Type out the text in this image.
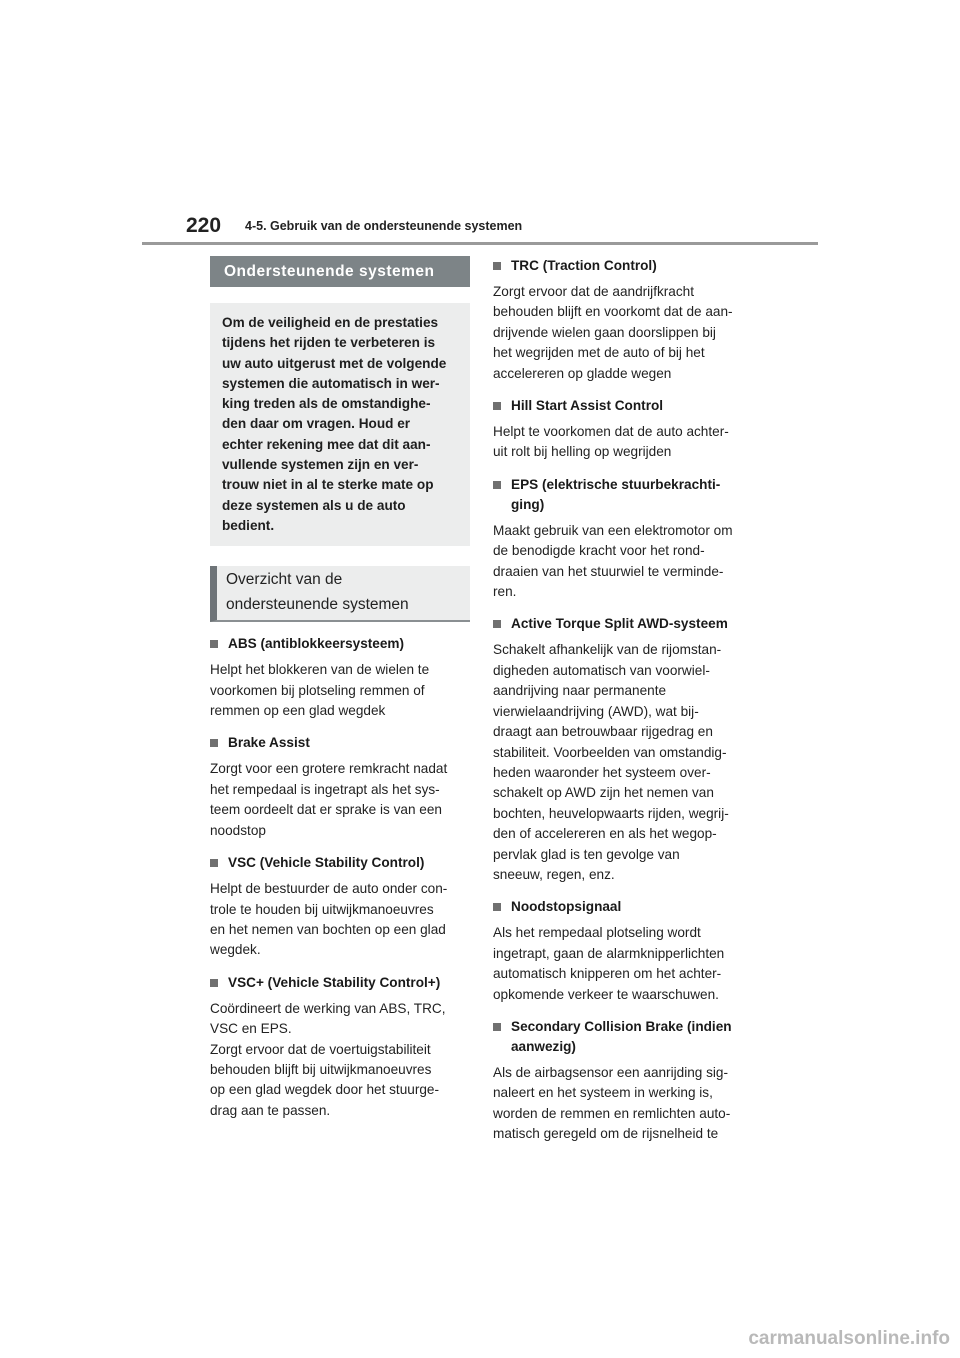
220 4-5. Gebruik van de ondersteunende systemen
Ondersteunende systemen

Om de veiligheid en de prestaties
tijdens het rijden te verbeteren is
uw auto uitgerust met de volgende
systemen die automatisch in wer-
king treden als de omstandighe-
den daar om vragen. Houd er
echter rekening mee dat dit aan-
vullende systemen zijn en ver-
trouw niet in al te sterke mate op
deze systemen als u de auto
bedient.

Overzicht van de
ondersteunende systemen
ABS (antiblokkeersysteem)
Helpt het blokkeren van de wielen te
voorkomen bij plotseling remmen of
remmen op een glad wegdek
Brake Assist
Zorgt voor een grotere remkracht nadat
het rempedaal is ingetrapt als het sys-
teem oordeelt dat er sprake is van een
noodstop
VSC (Vehicle Stability Control)
Helpt de bestuurder de auto onder con-
trole te houden bij uitwijkmanoeuvres
en het nemen van bochten op een glad
wegdek.
VSC+ (Vehicle Stability Control+)
Coördineert de werking van ABS, TRC,
VSC en EPS.
Zorgt ervoor dat de voertuigstabiliteit
behouden blijft bij uitwijkmanoeuvres
op een glad wegdek door het stuurge-
drag aan te passen.
TRC (Traction Control)
Zorgt ervoor dat de aandrijfkracht
behouden blijft en voorkomt dat de aan-
drijvende wielen gaan doorslippen bij
het wegrijden met de auto of bij het
accelereren op gladde wegen
Hill Start Assist Control
Helpt te voorkomen dat de auto achter-
uit rolt bij helling op wegrijden
EPS (elektrische stuurbekrachti-
ging)
Maakt gebruik van een elektromotor om
de benodigde kracht voor het rond-
draaien van het stuurwiel te verminde-
ren.
Active Torque Split AWD-systeem
Schakelt afhankelijk van de rijomstan-
digheden automatisch van voorwiel-
aandrijving naar permanente
vierwielaandrijving (AWD), wat bij-
draagt aan betrouwbaar rijgedrag en
stabiliteit. Voorbeelden van omstandig-
heden waaronder het systeem over-
schakelt op AWD zijn het nemen van
bochten, heuvelopwaarts rijden, wegrij-
den of accelereren en als het wegop-
pervlak glad is ten gevolge van
sneeuw, regen, enz.
Noodstopsignaal
Als het rempedaal plotseling wordt
ingetrapt, gaan de alarmknipperlichten
automatisch knipperen om het achter-
opkomende verkeer te waarschuwen.
Secondary Collision Brake (indien
aanwezig)
Als de airbagsensor een aanrijding sig-
naleert en het systeem in werking is,
worden de remmen en remlichten auto-
matisch geregeld om de rijsnelheid te
carmanualsonline.info
